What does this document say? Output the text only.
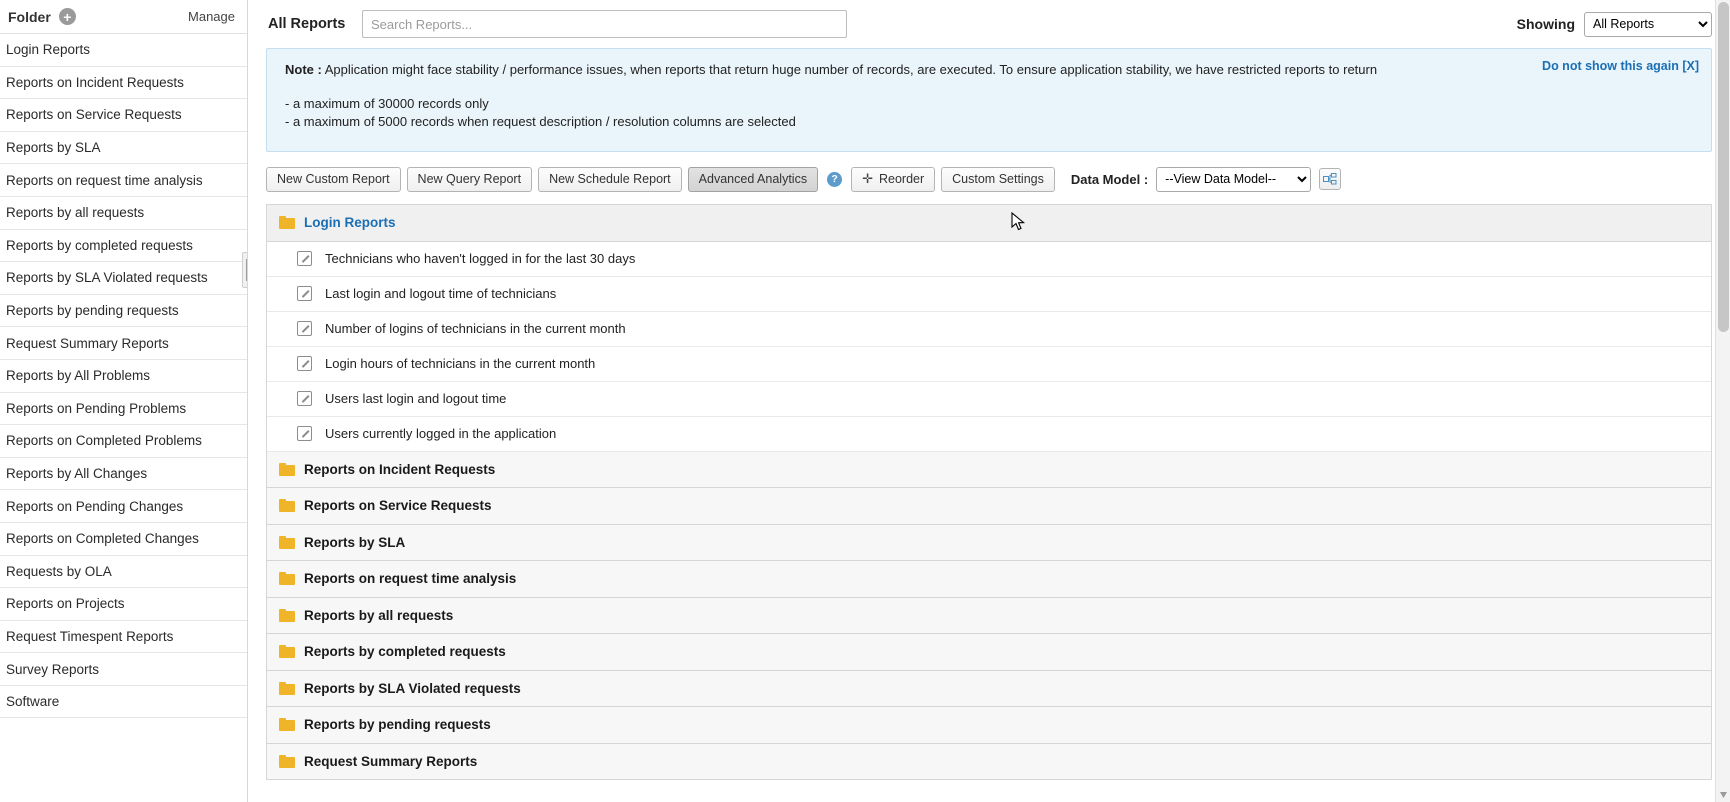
Folder +	Manage
Login Reports
Reports on Incident Requests
Reports on Service Requests
Reports by SLA
Reports on request time analysis
Reports by all requests
Reports by completed requests
Reports by SLA Violated requests
Reports by pending requests
Request Summary Reports
Reports by All Problems
Reports on Pending Problems
Reports on Completed Problems
Reports by All Changes
Reports on Pending Changes
Reports on Completed Changes
Requests by OLA
Reports on Projects
Request Timespent Reports
Survey Reports
Software
All Reports
Search Reports...	Showing
All Reports
Note : Application might face stability / performance issues, when reports that return huge number of records, are executed. To ensure application stability, we have restricted reports to return
- a maximum of 30000 records only
- a maximum of 5000 records when request description / resolution columns are selected
Do not show this again [X]
New Custom Report	New Query Report	New Schedule Report	Advanced Analytics	?	✛ Reorder	Custom Settings	Data Model :
--View Data Model--
Login Reports
Technicians who haven't logged in for the last 30 days
Last login and logout time of technicians
Number of logins of technicians in the current month
Login hours of technicians in the current month
Users last login and logout time
Users currently logged in the application
Reports on Incident Requests
Reports on Service Requests
Reports by SLA
Reports on request time analysis
Reports by all requests
Reports by completed requests
Reports by SLA Violated requests
Reports by pending requests
Request Summary Reports
